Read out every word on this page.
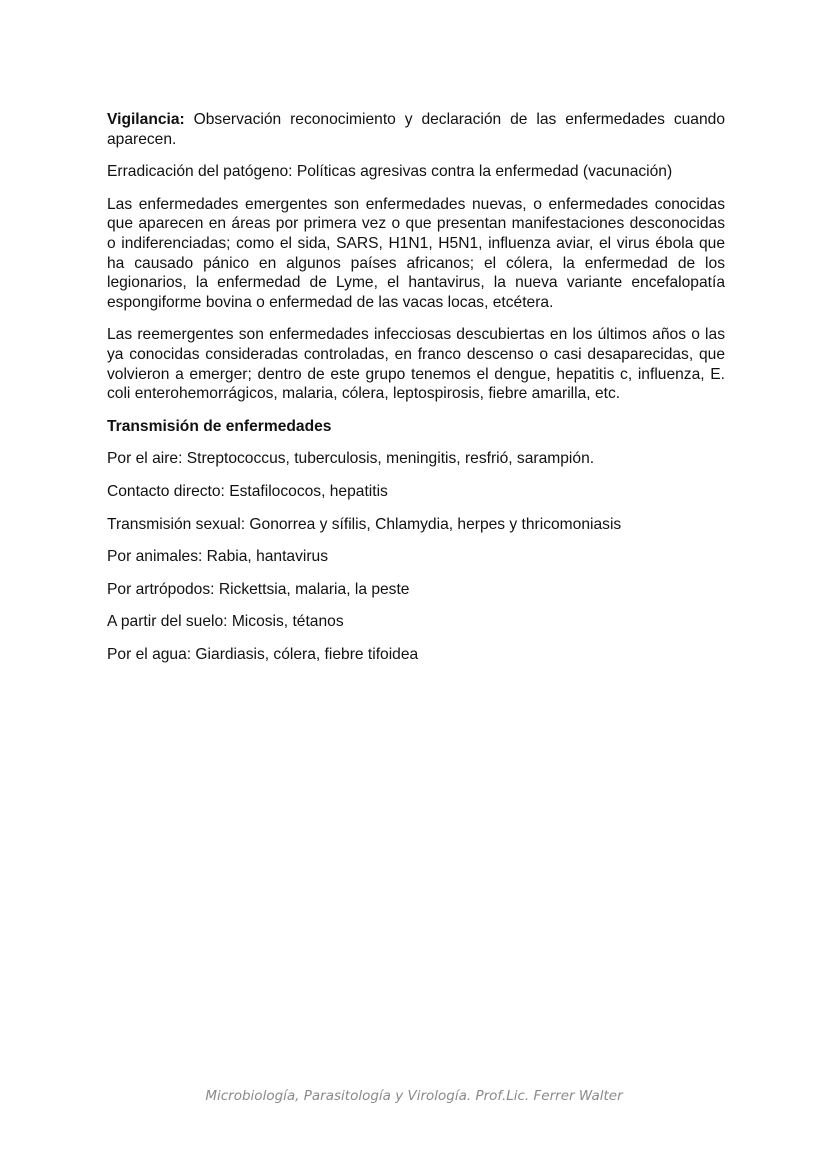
Vigilancia: Observación reconocimiento y declaración de las enfermedades cuando aparecen.

Erradicación del patógeno: Políticas agresivas contra la enfermedad (vacunación)

Las enfermedades emergentes son enfermedades nuevas, o enfermedades conocidas que aparecen en áreas por primera vez o que presentan manifestaciones desconocidas o indiferenciadas; como el sida, SARS, H1N1, H5N1, influenza aviar, el virus ébola que ha causado pánico en algunos países africanos; el cólera, la enfermedad de los legionarios, la enfermedad de Lyme, el hantavirus, la nueva variante encefalopatía espongiforme bovina o enfermedad de las vacas locas, etcétera.

Las reemergentes son enfermedades infecciosas descubiertas en los últimos años o las ya conocidas consideradas controladas, en franco descenso o casi desaparecidas, que volvieron a emerger; dentro de este grupo tenemos el dengue, hepatitis c, influenza, E. coli enterohemorrágicos, malaria, cólera, leptospirosis, fiebre amarilla, etc.

Transmisión de enfermedades

Por el aire: Streptococcus, tuberculosis, meningitis, resfrió, sarampión.

Contacto directo: Estafilococos, hepatitis

Transmisión sexual: Gonorrea y sífilis, Chlamydia, herpes y thricomoniasis

Por animales: Rabia, hantavirus

Por artrópodos: Rickettsia, malaria, la peste

A partir del suelo: Micosis, tétanos

Por el agua: Giardiasis, cólera, fiebre tifoidea

Microbiología, Parasitología y Virología. Prof.Lic. Ferrer Walter
